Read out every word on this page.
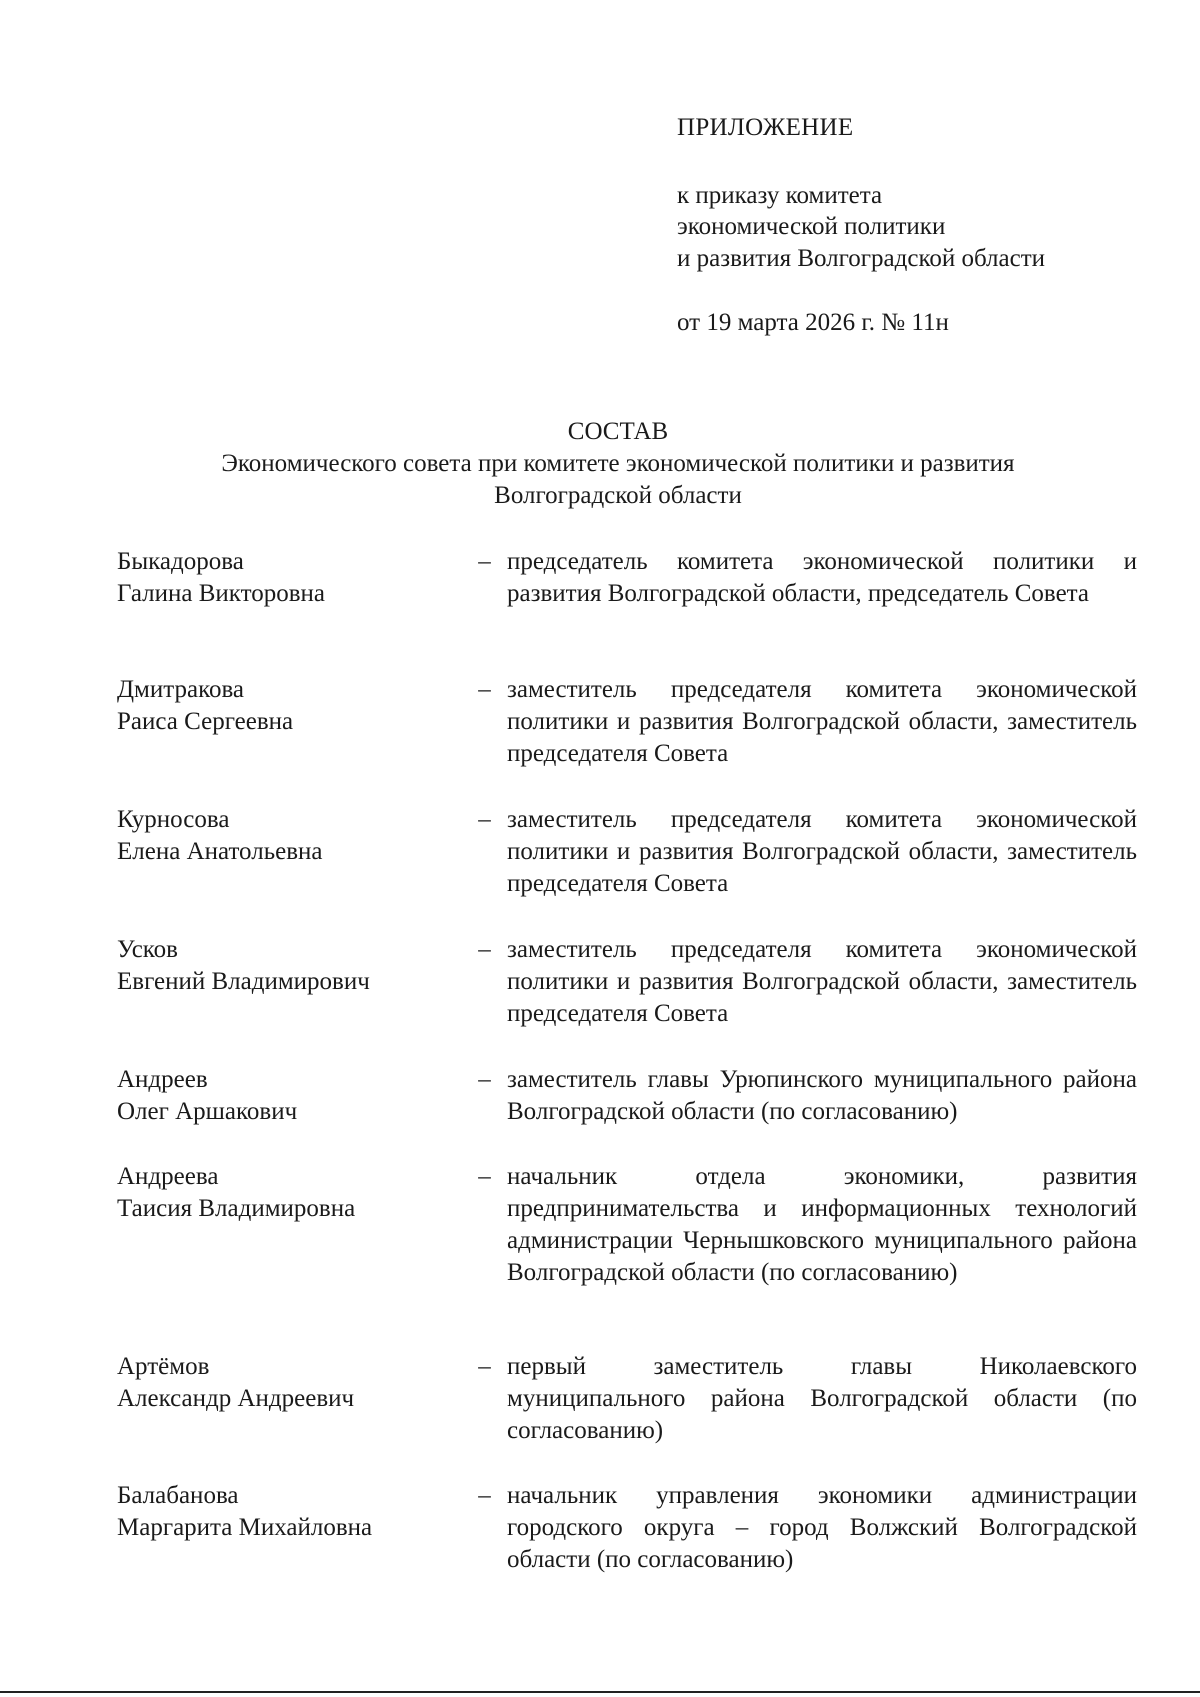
ПРИЛОЖЕНИЕ
к приказу комитета
экономической политики
и развития Волгоградской области
от 19 марта 2026 г. № 11н
СОСТАВ
Экономического совета при комитете экономической политики и развития
Волгоградской области
Быкадорова
Галина Викторовна
– председатель комитета экономической политики и развития Волгоградской области, председатель Совета
Дмитракова
Раиса Сергеевна
– заместитель председателя комитета экономической политики и развития Волгоградской области, заместитель председателя Совета
Курносова
Елена Анатольевна
– заместитель председателя комитета экономической политики и развития Волгоградской области, заместитель председателя Совета
Усков
Евгений Владимирович
– заместитель председателя комитета экономической политики и развития Волгоградской области, заместитель председателя Совета
Андреев
Олег Аршакович
– заместитель главы Урюпинского муниципального района Волгоградской области (по согласованию)
Андреева
Таисия Владимировна
– начальник отдела экономики, развития предпринимательства и информационных технологий администрации Чернышковского муниципального района Волгоградской области (по согласованию)
Артёмов
Александр Андреевич
– первый заместитель главы Николаевского муниципального района Волгоградской области (по согласованию)
Балабанова
Маргарита Михайловна
– начальник управления экономики администрации городского округа – город Волжский Волгоградской области (по согласованию)
